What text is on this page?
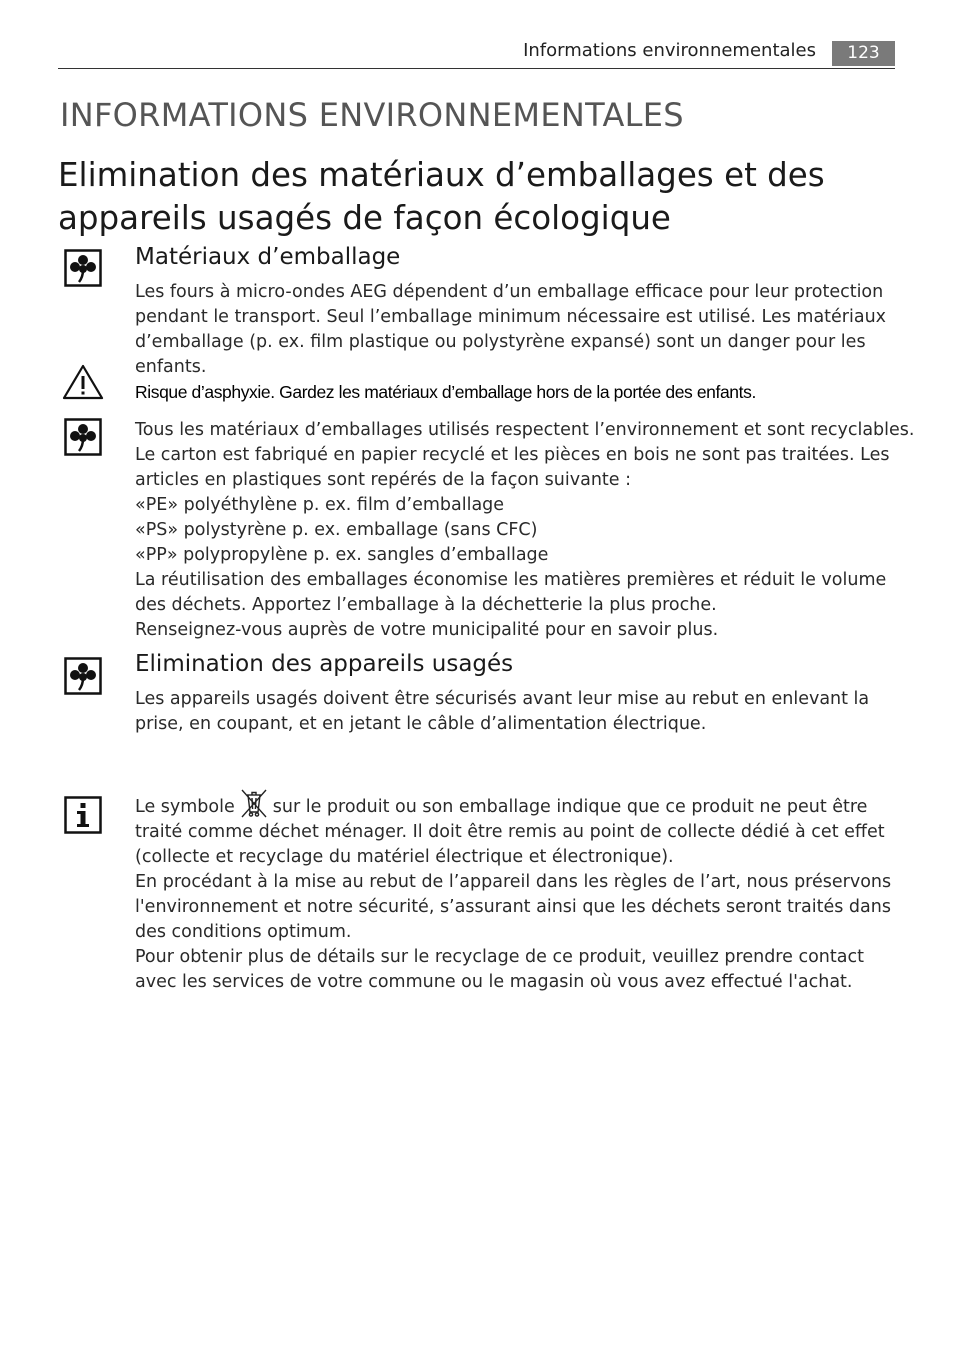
Informations environnementales	123
INFORMATIONS ENVIRONNEMENTALES
Elimination des matériaux d’emballages et des
appareils usagés de façon écologique
Matériaux d’emballage
Les fours à micro-ondes AEG dépendent d’un emballage efficace pour leur protection
pendant le transport. Seul l’emballage minimum nécessaire est utilisé. Les matériaux
d’emballage (p. ex. film plastique ou polystyrène expansé) sont un danger pour les
enfants.
Risque d’asphyxie. Gardez les matériaux d’emballage hors de la portée des enfants.
Tous les matériaux d’emballages utilisés respectent l’environnement et sont recyclables.
Le carton est fabriqué en papier recyclé et les pièces en bois ne sont pas traitées. Les
articles en plastiques sont repérés de la façon suivante :
«PE» polyéthylène p. ex. film d’emballage
«PS» polystyrène p. ex. emballage (sans CFC)
«PP» polypropylène p. ex. sangles d’emballage
La réutilisation des emballages économise les matières premières et réduit le volume
des déchets. Apportez l’emballage à la déchetterie la plus proche.
Renseignez-vous auprès de votre municipalité pour en savoir plus.
Elimination des appareils usagés
Les appareils usagés doivent être sécurisés avant leur mise au rebut en enlevant la
prise, en coupant, et en jetant le câble d’alimentation électrique.
Le symbole sur le produit ou son emballage indique que ce produit ne peut être
traité comme déchet ménager. Il doit être remis au point de collecte dédié à cet effet
(collecte et recyclage du matériel électrique et électronique).
En procédant à la mise au rebut de l’appareil dans les règles de l’art, nous préservons
l'environnement et notre sécurité, s’assurant ainsi que les déchets seront traités dans
des conditions optimum.
Pour obtenir plus de détails sur le recyclage de ce produit, veuillez prendre contact
avec les services de votre commune ou le magasin où vous avez effectué l'achat.
